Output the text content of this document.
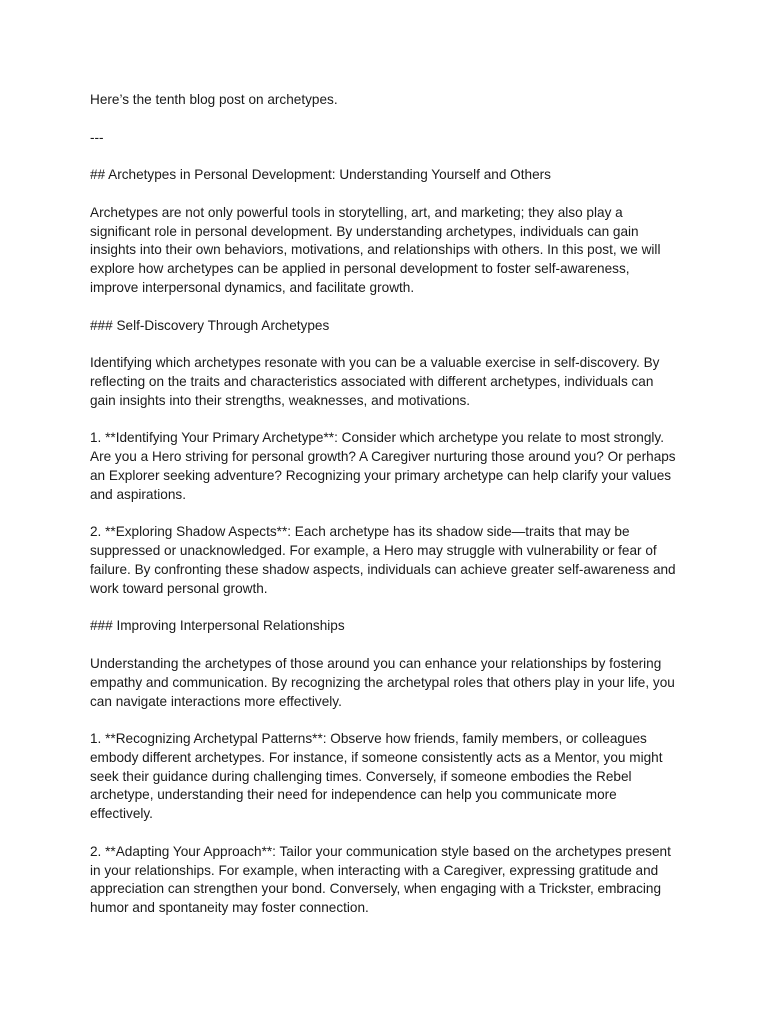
Here’s the tenth blog post on archetypes.

---

## Archetypes in Personal Development: Understanding Yourself and Others

Archetypes are not only powerful tools in storytelling, art, and marketing; they also play a significant role in personal development. By understanding archetypes, individuals can gain insights into their own behaviors, motivations, and relationships with others. In this post, we will explore how archetypes can be applied in personal development to foster self-awareness, improve interpersonal dynamics, and facilitate growth.

### Self-Discovery Through Archetypes

Identifying which archetypes resonate with you can be a valuable exercise in self-discovery. By reflecting on the traits and characteristics associated with different archetypes, individuals can gain insights into their strengths, weaknesses, and motivations.

1. **Identifying Your Primary Archetype**: Consider which archetype you relate to most strongly. Are you a Hero striving for personal growth? A Caregiver nurturing those around you? Or perhaps an Explorer seeking adventure? Recognizing your primary archetype can help clarify your values and aspirations.

2. **Exploring Shadow Aspects**: Each archetype has its shadow side—traits that may be suppressed or unacknowledged. For example, a Hero may struggle with vulnerability or fear of failure. By confronting these shadow aspects, individuals can achieve greater self-awareness and work toward personal growth.

### Improving Interpersonal Relationships

Understanding the archetypes of those around you can enhance your relationships by fostering empathy and communication. By recognizing the archetypal roles that others play in your life, you can navigate interactions more effectively.

1. **Recognizing Archetypal Patterns**: Observe how friends, family members, or colleagues embody different archetypes. For instance, if someone consistently acts as a Mentor, you might seek their guidance during challenging times. Conversely, if someone embodies the Rebel archetype, understanding their need for independence can help you communicate more effectively.

2. **Adapting Your Approach**: Tailor your communication style based on the archetypes present in your relationships. For example, when interacting with a Caregiver, expressing gratitude and appreciation can strengthen your bond. Conversely, when engaging with a Trickster, embracing humor and spontaneity may foster connection.
